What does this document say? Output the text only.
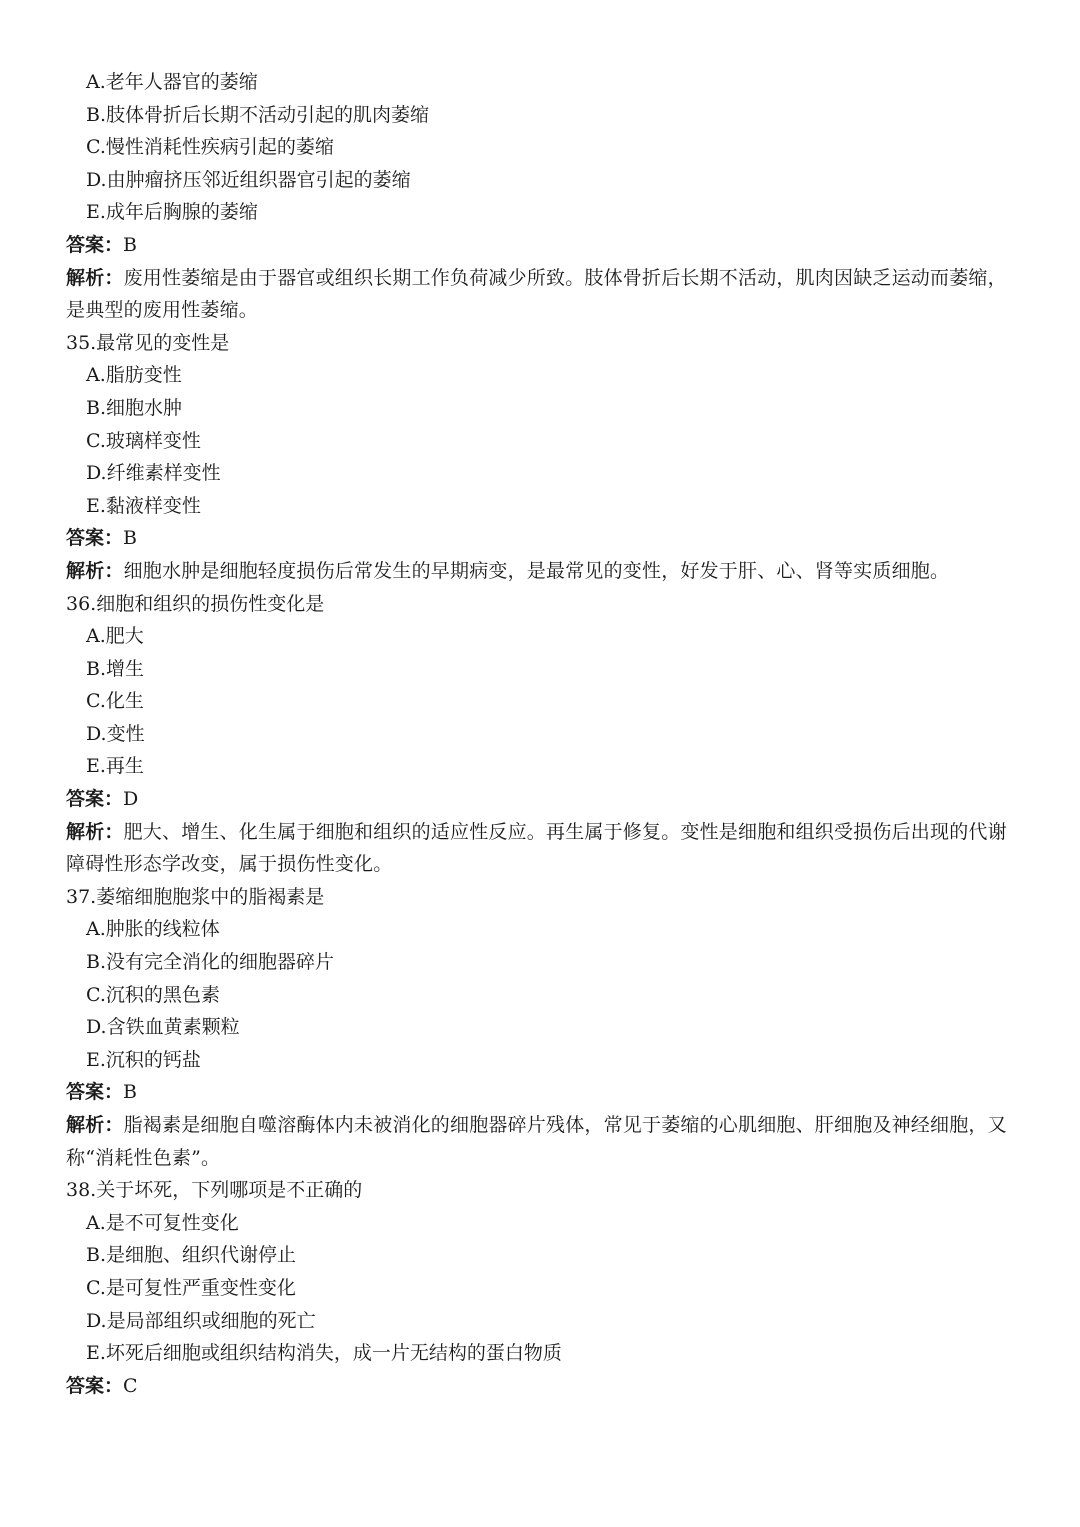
A.老年人器官的萎缩
B.肢体骨折后长期不活动引起的肌肉萎缩
C.慢性消耗性疾病引起的萎缩
D.由肿瘤挤压邻近组织器官引起的萎缩
E.成年后胸腺的萎缩
答案：B
解析：废用性萎缩是由于器官或组织长期工作负荷减少所致。肢体骨折后长期不活动，肌肉因缺乏运动而萎缩，是典型的废用性萎缩。
35.最常见的变性是
A.脂肪变性
B.细胞水肿
C.玻璃样变性
D.纤维素样变性
E.黏液样变性
答案：B
解析：细胞水肿是细胞轻度损伤后常发生的早期病变，是最常见的变性，好发于肝、心、肾等实质细胞。
36.细胞和组织的损伤性变化是
A.肥大
B.增生
C.化生
D.变性
E.再生
答案：D
解析：肥大、增生、化生属于细胞和组织的适应性反应。再生属于修复。变性是细胞和组织受损伤后出现的代谢障碍性形态学改变，属于损伤性变化。
37.萎缩细胞胞浆中的脂褐素是
A.肿胀的线粒体
B.没有完全消化的细胞器碎片
C.沉积的黑色素
D.含铁血黄素颗粒
E.沉积的钙盐
答案：B
解析：脂褐素是细胞自噬溶酶体内未被消化的细胞器碎片残体，常见于萎缩的心肌细胞、肝细胞及神经细胞，又称“消耗性色素”。
38.关于坏死，下列哪项是不正确的
A.是不可复性变化
B.是细胞、组织代谢停止
C.是可复性严重变性变化
D.是局部组织或细胞的死亡
E.坏死后细胞或组织结构消失，成一片无结构的蛋白物质
答案：C
